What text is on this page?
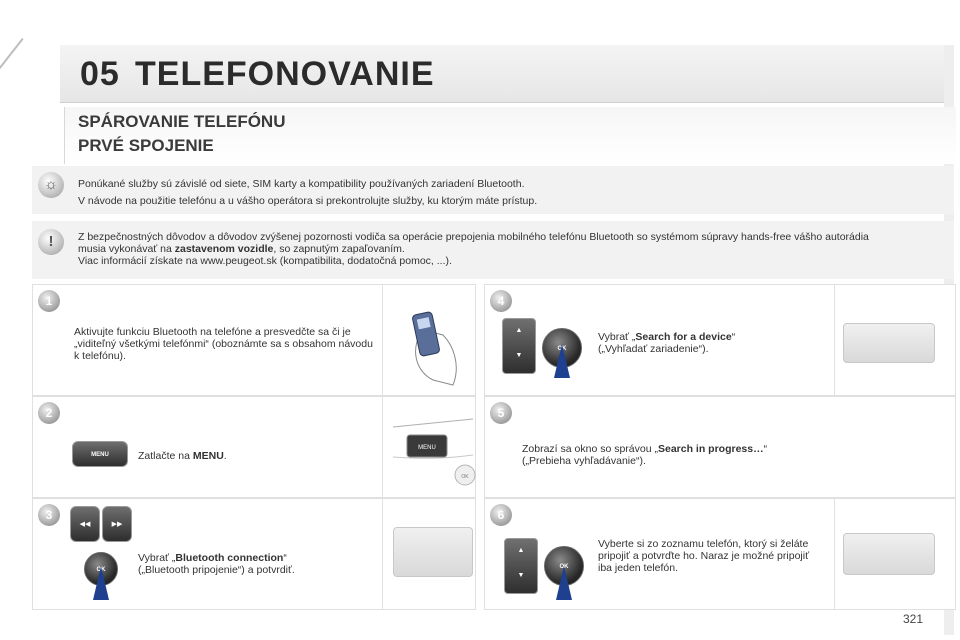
05 TELEFONOVANIE
SPÁROVANIE TELEFÓNU
PRVÉ SPOJENIE
☼	Ponúkané služby sú závislé od siete, SIM karty a kompatibility používaných zariadení Bluetooth.
V návode na použitie telefónu a u vášho operátora si prekontrolujte služby, ku ktorým máte prístup.
!	Z bezpečnostných dôvodov a dôvodov zvýšenej pozornosti vodiča sa operácie prepojenia mobilného telefónu Bluetooth so systémom súpravy hands-free vášho autorádia musia vykonávať na zastavenom vozidle, so zapnutým zapaľovaním.
Viac informácií získate na www.peugeot.sk (kompatibilita, dodatočná pomoc, ...).
1
Aktivujte funkciu Bluetooth na telefóne a presvedčte sa či je „viditeľný všetkými telefónmi“ (oboznámte sa s obsahom návodu k telefónu).
2
MENU	Zatlačte na MENU.
MENU
OK
3
◀◀	▶▶
OK
Vybrať „Bluetooth connection“
(„Bluetooth pripojenie“) a potvrdiť.
4
▲
▼
OK
Vybrať „Search for a device“
(„Vyhľadať zariadenie“).
5
Zobrazí sa okno so správou „Search in progress…“
(„Prebieha vyhľadávanie“).
6
▲
▼
OK
Vyberte si zo zoznamu telefón, ktorý si želáte pripojiť a potvrďte ho. Naraz je možné pripojiť iba jeden telefón.
321
